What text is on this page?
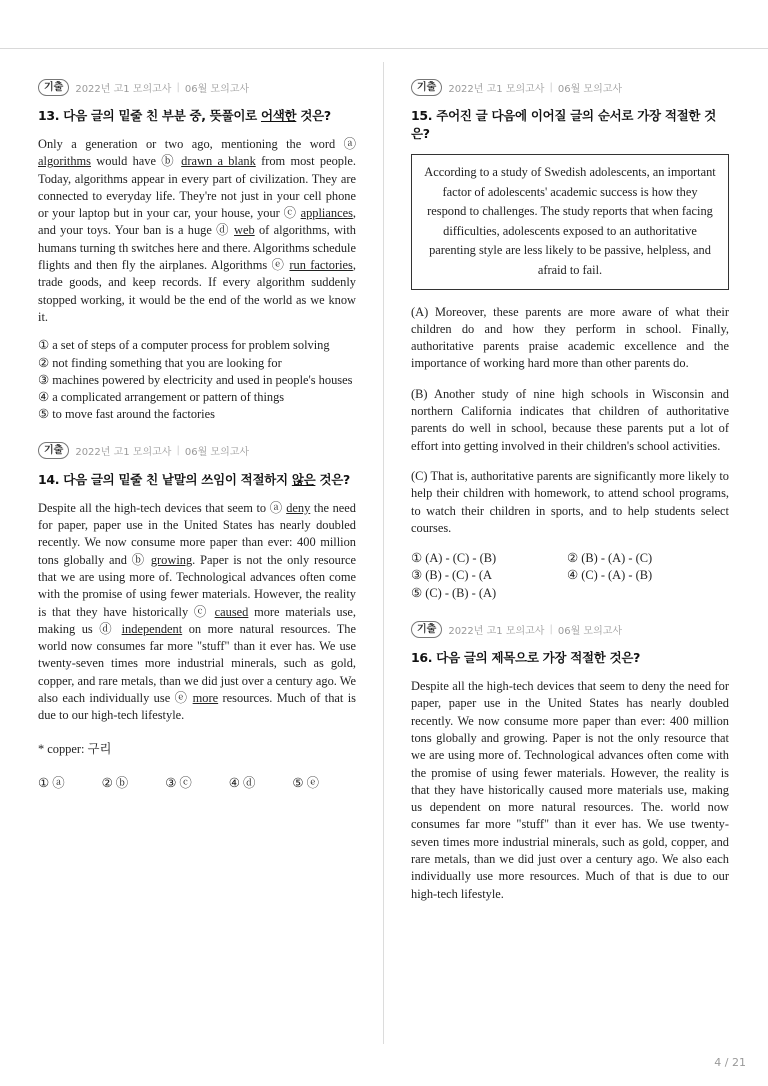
기출	2022년 고1 모의고사 | 06월 모의고사
13. 다음 글의 밑줄 친 부분 중, 뜻풀이로 어색한 것은?

Only a generation or two ago, mentioning the word ⓐ algorithms would have ⓑ drawn a blank from most people. Today, algorithms appear in every part of civilization. They are connected to everyday life. They're not just in your cell phone or your laptop but in your car, your house, your ⓒ appliances, and your toys. Your ban is a huge ⓓ web of algorithms, with humans turning th switches here and there. Algorithms schedule flights and then fly the airplanes. Algorithms ⓔ run factories, trade goods, and keep records. If every algorithm suddenly stopped working, it would be the end of the world as we know it.

① a set of steps of a computer process for problem solving
② not finding something that you are looking for
③ machines powered by electricity and used in people's houses
④ a complicated arrangement or pattern of things
⑤ to move fast around the factories
기출	2022년 고1 모의고사 | 06월 모의고사
14. 다음 글의 밑줄 친 낱말의 쓰임이 적절하지 않은 것은?

Despite all the high-tech devices that seem to ⓐ deny the need for paper, paper use in the United States has nearly doubled recently. We now consume more paper than ever: 400 million tons globally and ⓑ growing. Paper is not the only resource that we are using more of. Technological advances often come with the promise of using fewer materials. However, the reality is that they have historically ⓒ caused more materials use, making us ⓓ independent on more natural resources. The world now consumes far more "stuff" than it ever has. We use twenty-seven times more industrial minerals, such as gold, copper, and rare metals, than we did just over a century ago. We also each individually use ⓔ more resources. Much of that is due to our high-tech lifestyle.

* copper: 구리
① ⓐ	② ⓑ	③ ⓒ	④ ⓓ	⑤ ⓔ
기출	2022년 고1 모의고사 | 06월 모의고사
15. 주어진 글 다음에 이어질 글의 순서로 가장 적절한 것은?
According to a study of Swedish adolescents, an important factor of adolescents' academic success is how they respond to challenges. The study reports that when facing difficulties, adolescents exposed to an authoritative parenting style are less likely to be passive, helpless, and afraid to fail.

(A) Moreover, these parents are more aware of what their children do and how they perform in school. Finally, authoritative parents praise academic excellence and the importance of working hard more than other parents do.

(B) Another study of nine high schools in Wisconsin and northern California indicates that children of authoritative parents do well in school, because these parents put a lot of effort into getting involved in their children's school activities.

(C) That is, authoritative parents are significantly more likely to help their children with homework, to attend school programs, to watch their children in sports, and to help students select courses.

① (A) - (C) - (B)	② (B) - (A) - (C)
③ (B) - (C) - (A	④ (C) - (A) - (B)
⑤ (C) - (B) - (A)
기출	2022년 고1 모의고사 | 06월 모의고사
16. 다음 글의 제목으로 가장 적절한 것은?

Despite all the high-tech devices that seem to deny the need for paper, paper use in the United States has nearly doubled recently. We now consume more paper than ever: 400 million tons globally and growing. Paper is not the only resource that we are using more of. Technological advances often come with the promise of using fewer materials. However, the reality is that they have historically caused more materials use, making us dependent on more natural resources. The. world now consumes far more "stuff" than it ever has. We use twenty-seven times more industrial minerals, such as gold, copper, and rare metals, than we did just over a century ago. We also each individually use more resources. Much of that is due to our high-tech lifestyle.

4 / 21
